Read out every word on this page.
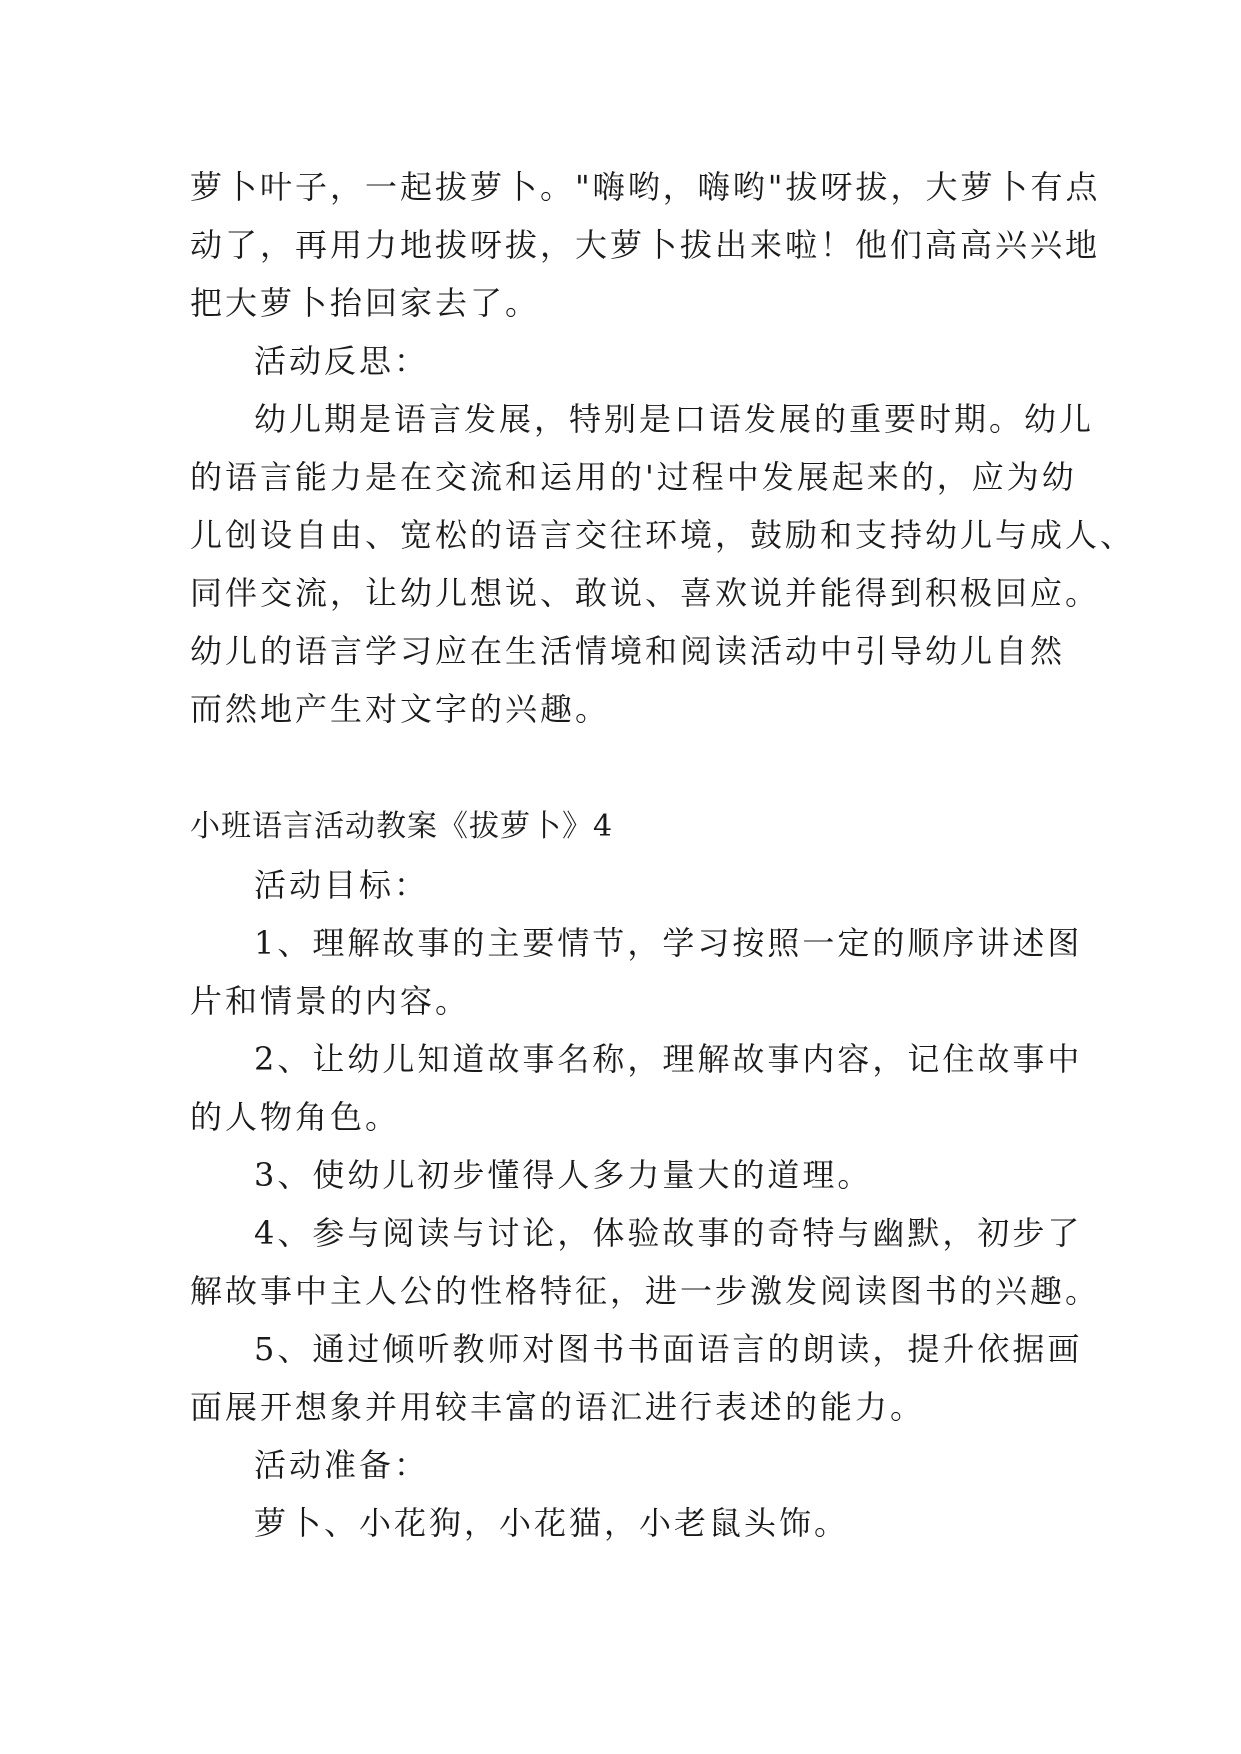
萝卜叶子，一起拔萝卜。"嗨哟，嗨哟"拔呀拔，大萝卜有点

动了，再用力地拔呀拔，大萝卜拔出来啦！他们高高兴兴地

把大萝卜抬回家去了。

活动反思：

幼儿期是语言发展，特别是口语发展的重要时期。幼儿

的语言能力是在交流和运用的'过程中发展起来的，应为幼

儿创设自由、宽松的语言交往环境，鼓励和支持幼儿与成人、

同伴交流，让幼儿想说、敢说、喜欢说并能得到积极回应。

幼儿的语言学习应在生活情境和阅读活动中引导幼儿自然

而然地产生对文字的兴趣。

小班语言活动教案《拔萝卜》4

活动目标：

1、理解故事的主要情节，学习按照一定的顺序讲述图

片和情景的内容。

2、让幼儿知道故事名称，理解故事内容，记住故事中

的人物角色。

3、使幼儿初步懂得人多力量大的道理。

4、参与阅读与讨论，体验故事的奇特与幽默，初步了

解故事中主人公的性格特征，进一步激发阅读图书的兴趣。

5、通过倾听教师对图书书面语言的朗读，提升依据画

面展开想象并用较丰富的语汇进行表述的能力。

活动准备：

萝卜、小花狗，小花猫，小老鼠头饰。
